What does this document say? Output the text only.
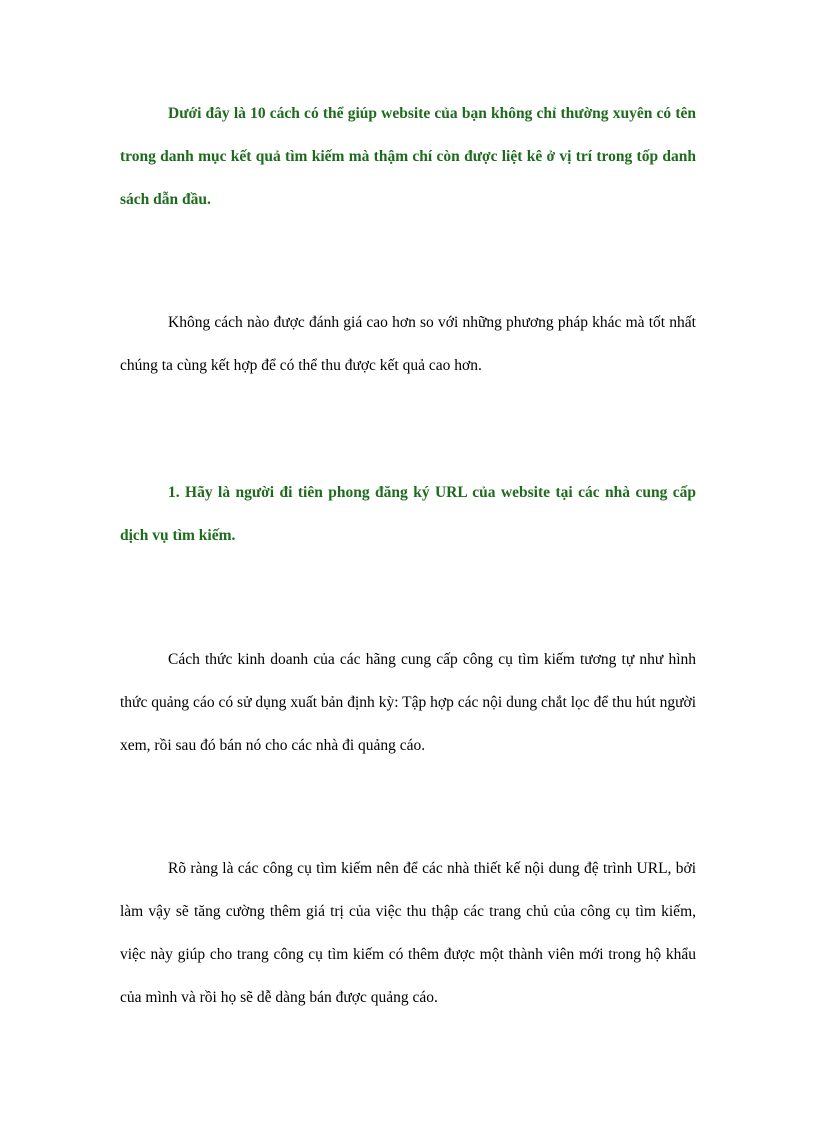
Dưới đây là 10 cách có thể giúp website của bạn không chỉ thường xuyên có tên trong danh mục kết quả tìm kiếm mà thậm chí còn được liệt kê ở vị trí trong tốp danh sách dẫn đầu.

Không cách nào được đánh giá cao hơn so với những phương pháp khác mà tốt nhất chúng ta cùng kết hợp để có thể thu được kết quả cao hơn.

1. Hãy là người đi tiên phong đăng ký URL của website tại các nhà cung cấp dịch vụ tìm kiếm.

Cách thức kinh doanh của các hãng cung cấp công cụ tìm kiếm tương tự như hình thức quảng cáo có sử dụng xuất bản định kỳ: Tập hợp các nội dung chắt lọc để thu hút người xem, rồi sau đó bán nó cho các nhà đi quảng cáo.

Rõ ràng là các công cụ tìm kiếm nên để các nhà thiết kế nội dung đệ trình URL, bởi làm vậy sẽ tăng cường thêm giá trị của việc thu thập các trang chủ của công cụ tìm kiếm, việc này giúp cho trang công cụ tìm kiếm có thêm được một thành viên mới trong hộ khẩu của mình và rồi họ sẽ dễ dàng bán được quảng cáo.
